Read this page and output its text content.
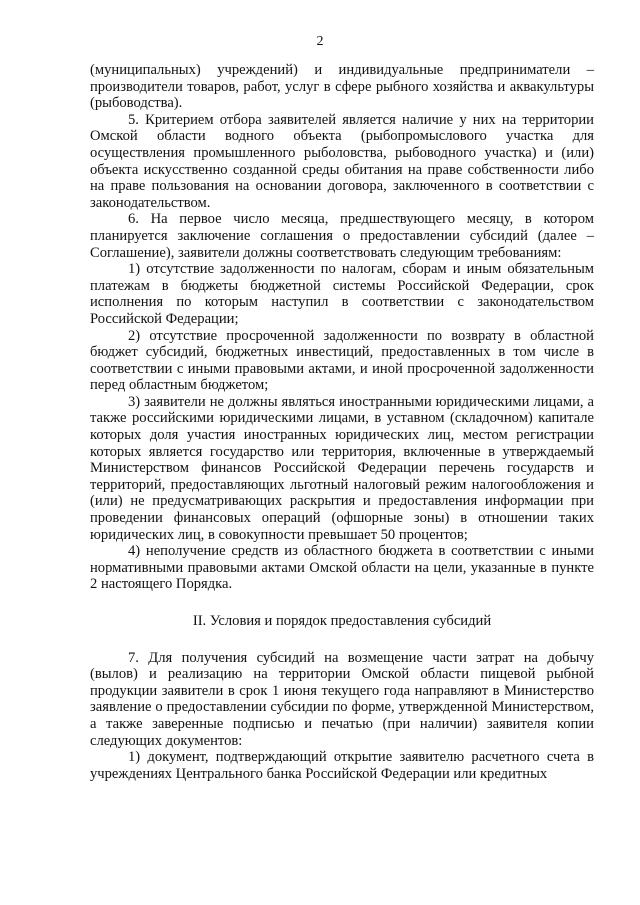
2

(муниципальных) учреждений) и индивидуальные предприниматели – производители товаров, работ, услуг в сфере рыбного хозяйства и аквакультуры (рыбоводства).

5. Критерием отбора заявителей является наличие у них на территории Омской области водного объекта (рыбопромыслового участка для осуществления промышленного рыболовства, рыбоводного участка) и (или) объекта искусственно созданной среды обитания на праве собственности либо на праве пользования на основании договора, заключенного в соответствии с законодательством.

6. На первое число месяца, предшествующего месяцу, в котором планируется заключение соглашения о предоставлении субсидий (далее – Соглашение), заявители должны соответствовать следующим требованиям:

1) отсутствие задолженности по налогам, сборам и иным обязательным платежам в бюджеты бюджетной системы Российской Федерации, срок исполнения по которым наступил в соответствии с законодательством Российской Федерации;

2) отсутствие просроченной задолженности по возврату в областной бюджет субсидий, бюджетных инвестиций, предоставленных в том числе в соответствии с иными правовыми актами, и иной просроченной задолженности перед областным бюджетом;

3) заявители не должны являться иностранными юридическими лицами, а также российскими юридическими лицами, в уставном (складочном) капитале которых доля участия иностранных юридических лиц, местом регистрации которых является государство или территория, включенные в утверждаемый Министерством финансов Российской Федерации перечень государств и территорий, предоставляющих льготный налоговый режим налогообложения и (или) не предусматривающих раскрытия и предоставления информации при проведении финансовых операций (офшорные зоны) в отношении таких юридических лиц, в совокупности превышает 50 процентов;

4) неполучение средств из областного бюджета в соответствии с иными нормативными правовыми актами Омской области на цели, указанные в пункте 2 настоящего Порядка.

II. Условия и порядок предоставления субсидий

7. Для получения субсидий на возмещение части затрат на добычу (вылов) и реализацию на территории Омской области пищевой рыбной продукции заявители в срок 1 июня текущего года направляют в Министерство заявление о предоставлении субсидии по форме, утвержденной Министерством, а также заверенные подписью и печатью (при наличии) заявителя копии следующих документов:

1) документ, подтверждающий открытие заявителю расчетного счета в учреждениях Центрального банка Российской Федерации или кредитных
